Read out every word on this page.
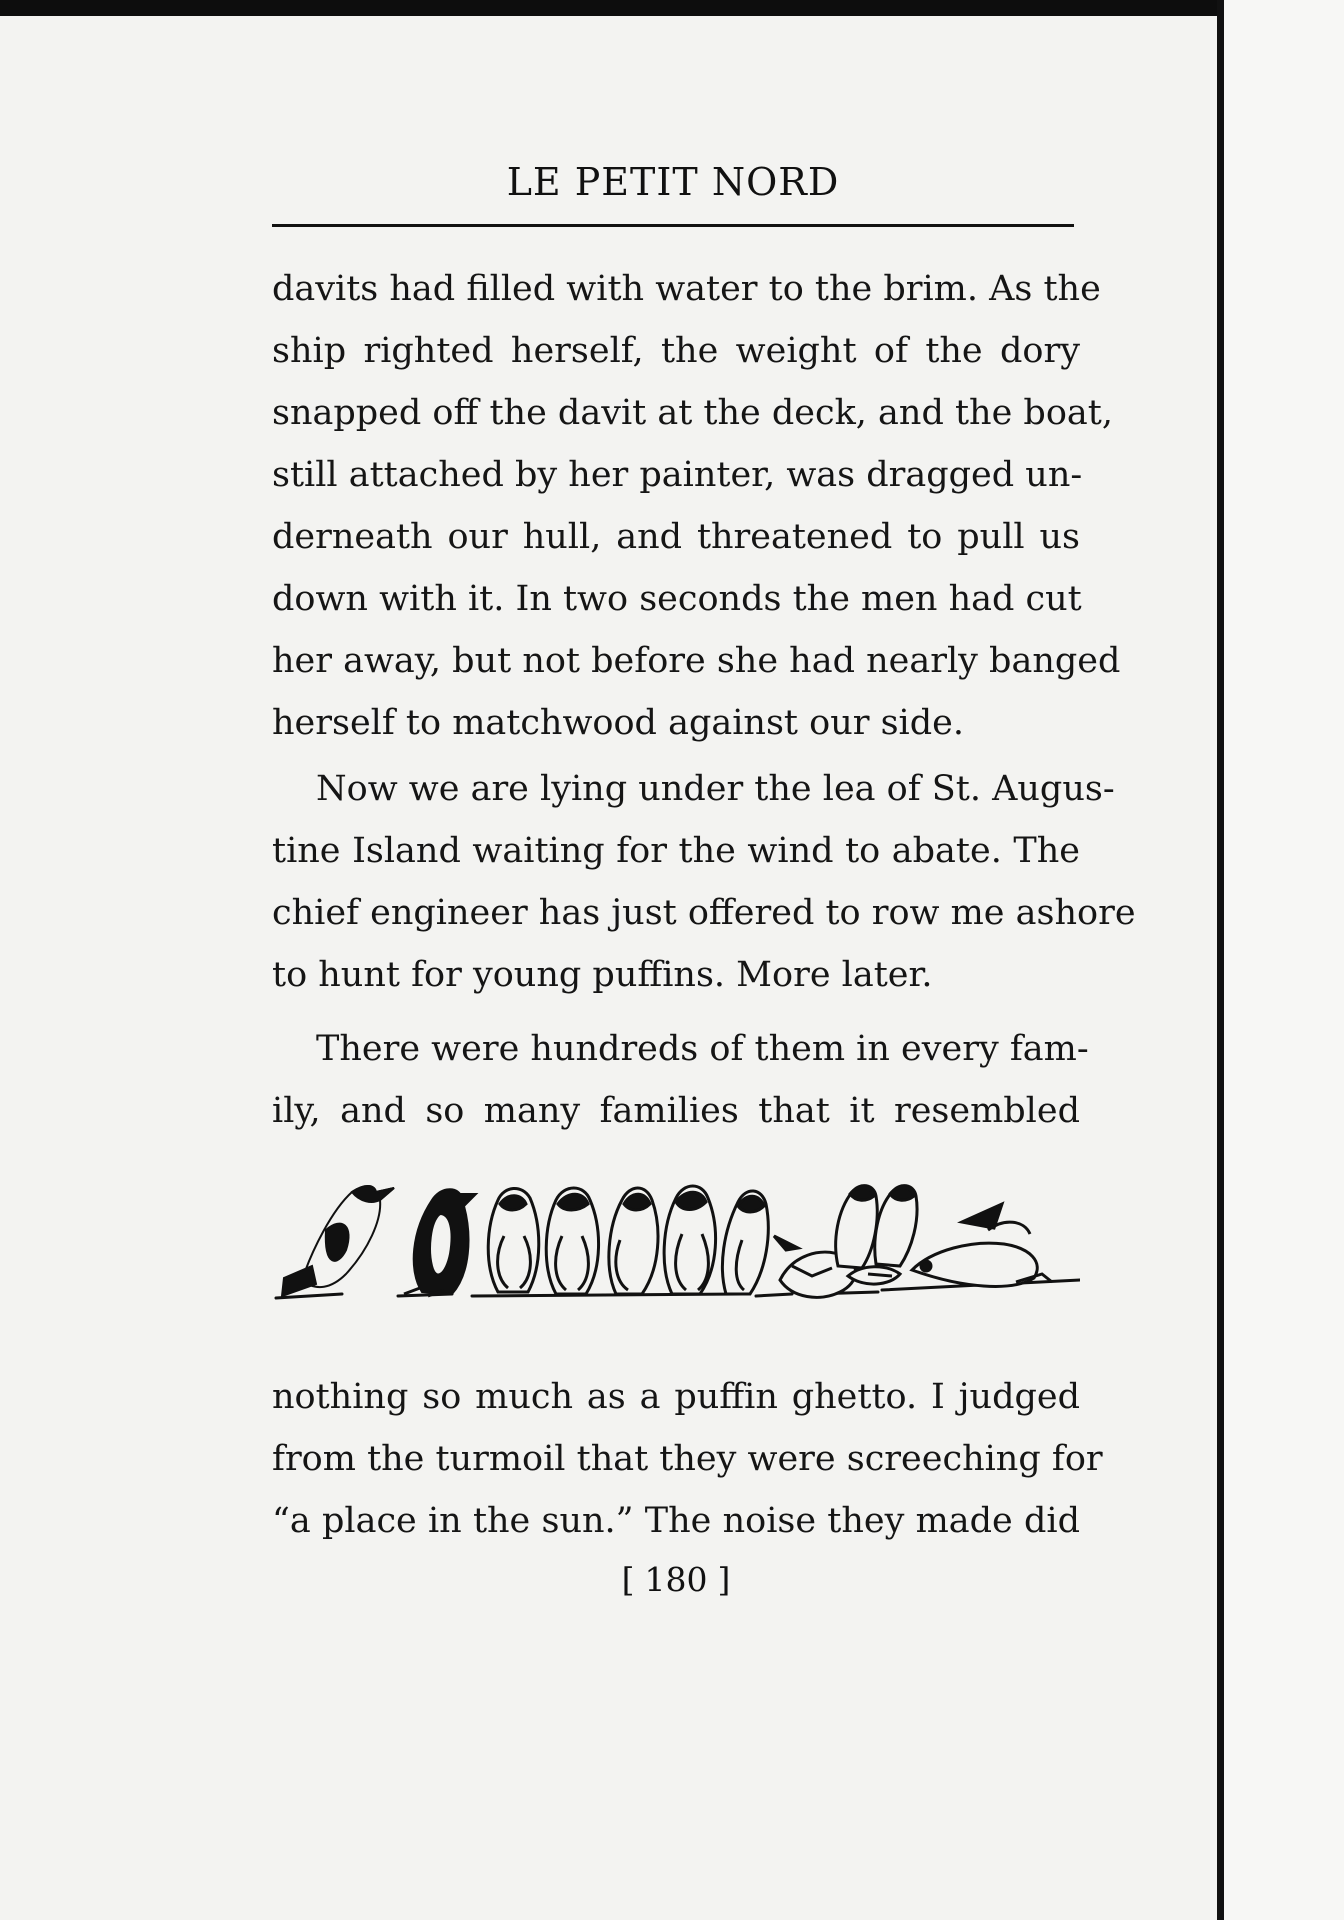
LE PETIT NORD
davits had filled with water to the brim. As the
ship righted herself, the weight of the dory
snapped off the davit at the deck, and the boat,
still attached by her painter, was dragged un-
derneath our hull, and threatened to pull us
down with it. In two seconds the men had cut
her away, but not before she had nearly banged
herself to matchwood against our side.
Now we are lying under the lea of St. Augus-
tine Island waiting for the wind to abate. The
chief engineer has just offered to row me ashore
to hunt for young puffins. More later.
There were hundreds of them in every fam-
ily, and so many families that it resembled
nothing so much as a puffin ghetto. I judged
from the turmoil that they were screeching for
“a place in the sun.” The noise they made did
[ 180 ]
